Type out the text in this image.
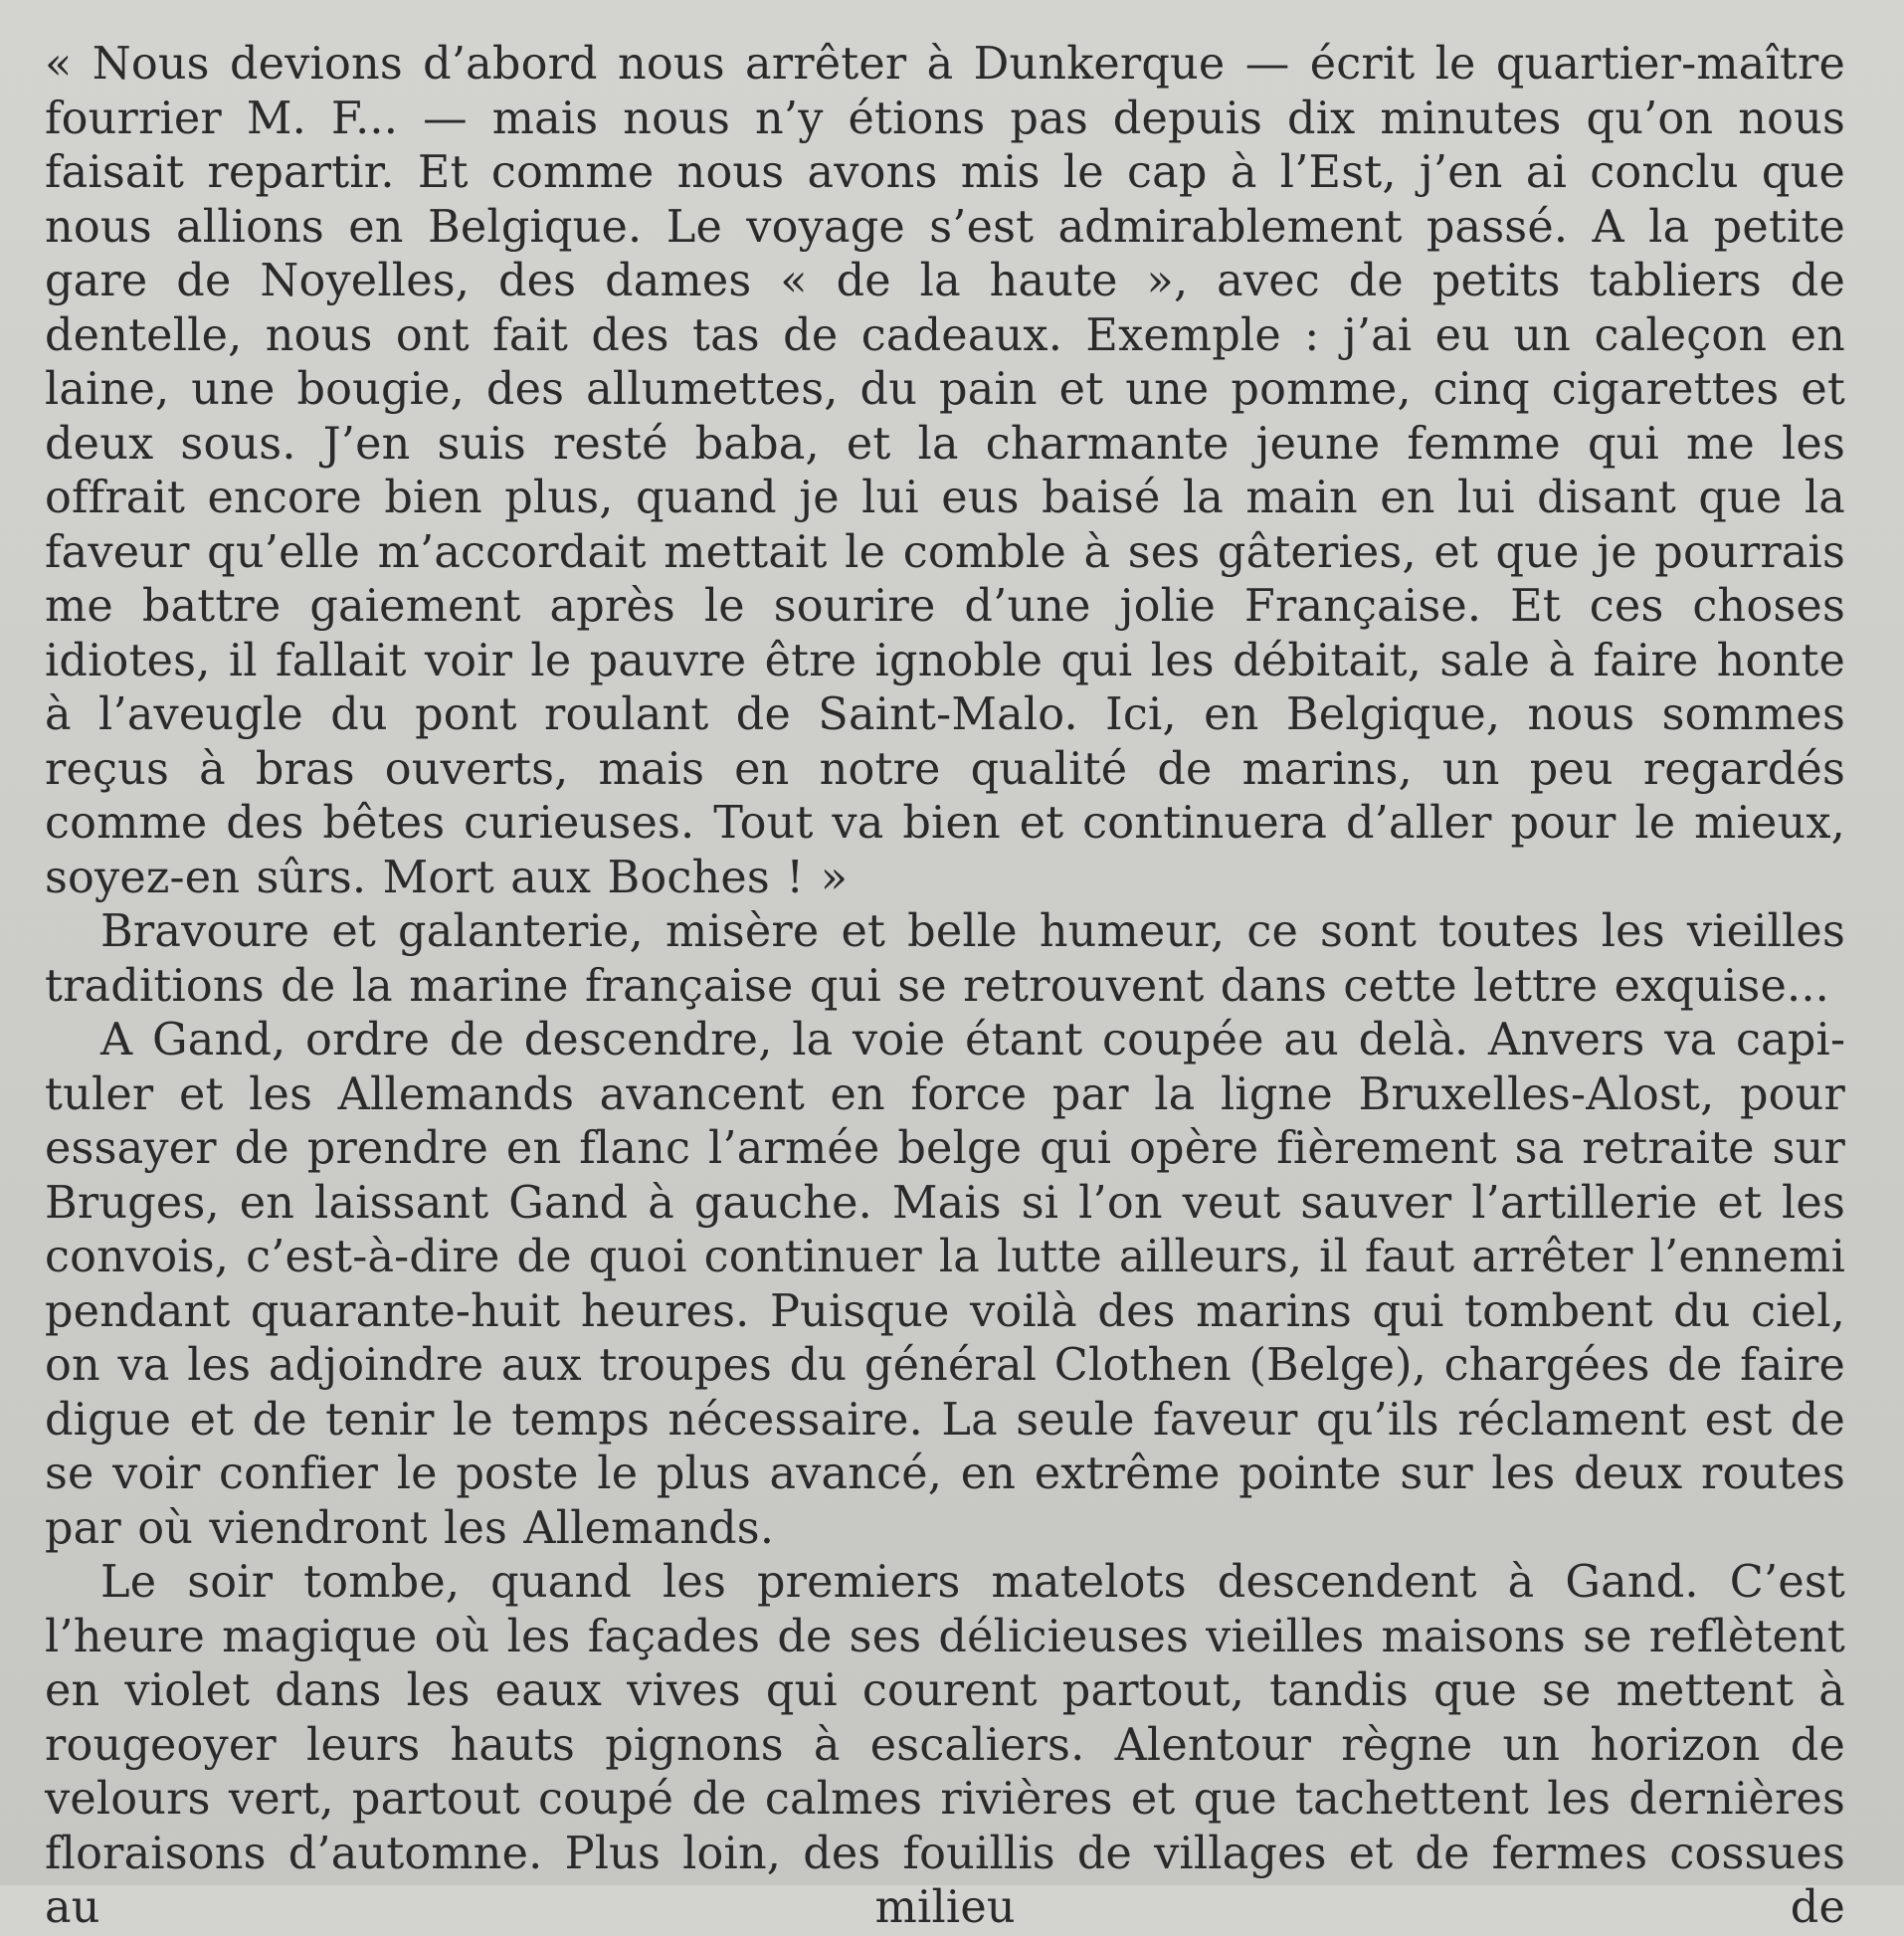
« Nous devions d’abord nous arrêter à Dunkerque — écrit le quartier-maître fourrier M. F... — mais nous n’y étions pas depuis dix minutes qu’on nous faisait repartir. Et comme nous avons mis le cap à l’Est, j’en ai conclu que nous allions en Belgique. Le voyage s’est admirablement passé. A la petite gare de Noyelles, des dames « de la haute », avec de petits tabliers de dentelle, nous ont fait des tas de cadeaux. Exemple : j’ai eu un caleçon en laine, une bougie, des allumettes, du pain et une pomme, cinq cigarettes et deux sous. J’en suis resté baba, et la charmante jeune femme qui me les offrait encore bien plus, quand je lui eus baisé la main en lui disant que la faveur qu’elle m’accordait mettait le comble à ses gâteries, et que je pourrais me battre gaiement après le sourire d’une jolie Française. Et ces choses idiotes, il fallait voir le pauvre être ignoble qui les débitait, sale à faire honte à l’aveugle du pont roulant de Saint-Malo. Ici, en Belgique, nous sommes reçus à bras ouverts, mais en notre qualité de marins, un peu regardés comme des bêtes curieuses. Tout va bien et continuera d’aller pour le mieux, soyez-en sûrs. Mort aux Boches ! »

Bravoure et galanterie, misère et belle humeur, ce sont toutes les vieilles traditions de la marine française qui se retrouvent dans cette lettre exquise...

A Gand, ordre de descendre, la voie étant coupée au delà. Anvers va capituler et les Allemands avancent en force par la ligne Bruxelles-Alost, pour essayer de prendre en flanc l’armée belge qui opère fièrement sa retraite sur Bruges, en laissant Gand à gauche. Mais si l’on veut sauver l’artillerie et les convois, c’est-à-dire de quoi continuer la lutte ailleurs, il faut arrêter l’ennemi pendant quarante-huit heures. Puisque voilà des marins qui tombent du ciel, on va les adjoindre aux troupes du général Clothen (Belge), chargées de faire digue et de tenir le temps nécessaire. La seule faveur qu’ils réclament est de se voir confier le poste le plus avancé, en extrême pointe sur les deux routes par où viendront les Allemands.

Le soir tombe, quand les premiers matelots descendent à Gand. C’est l’heure magique où les façades de ses délicieuses vieilles maisons se reflètent en violet dans les eaux vives qui courent partout, tandis que se mettent à rougeoyer leurs hauts pignons à escaliers. Alentour règne un horizon de velours vert, partout coupé de calmes rivières et que tachettent les dernières floraisons d’automne. Plus loin, des fouillis de villages et de fermes cossues au milieu de
